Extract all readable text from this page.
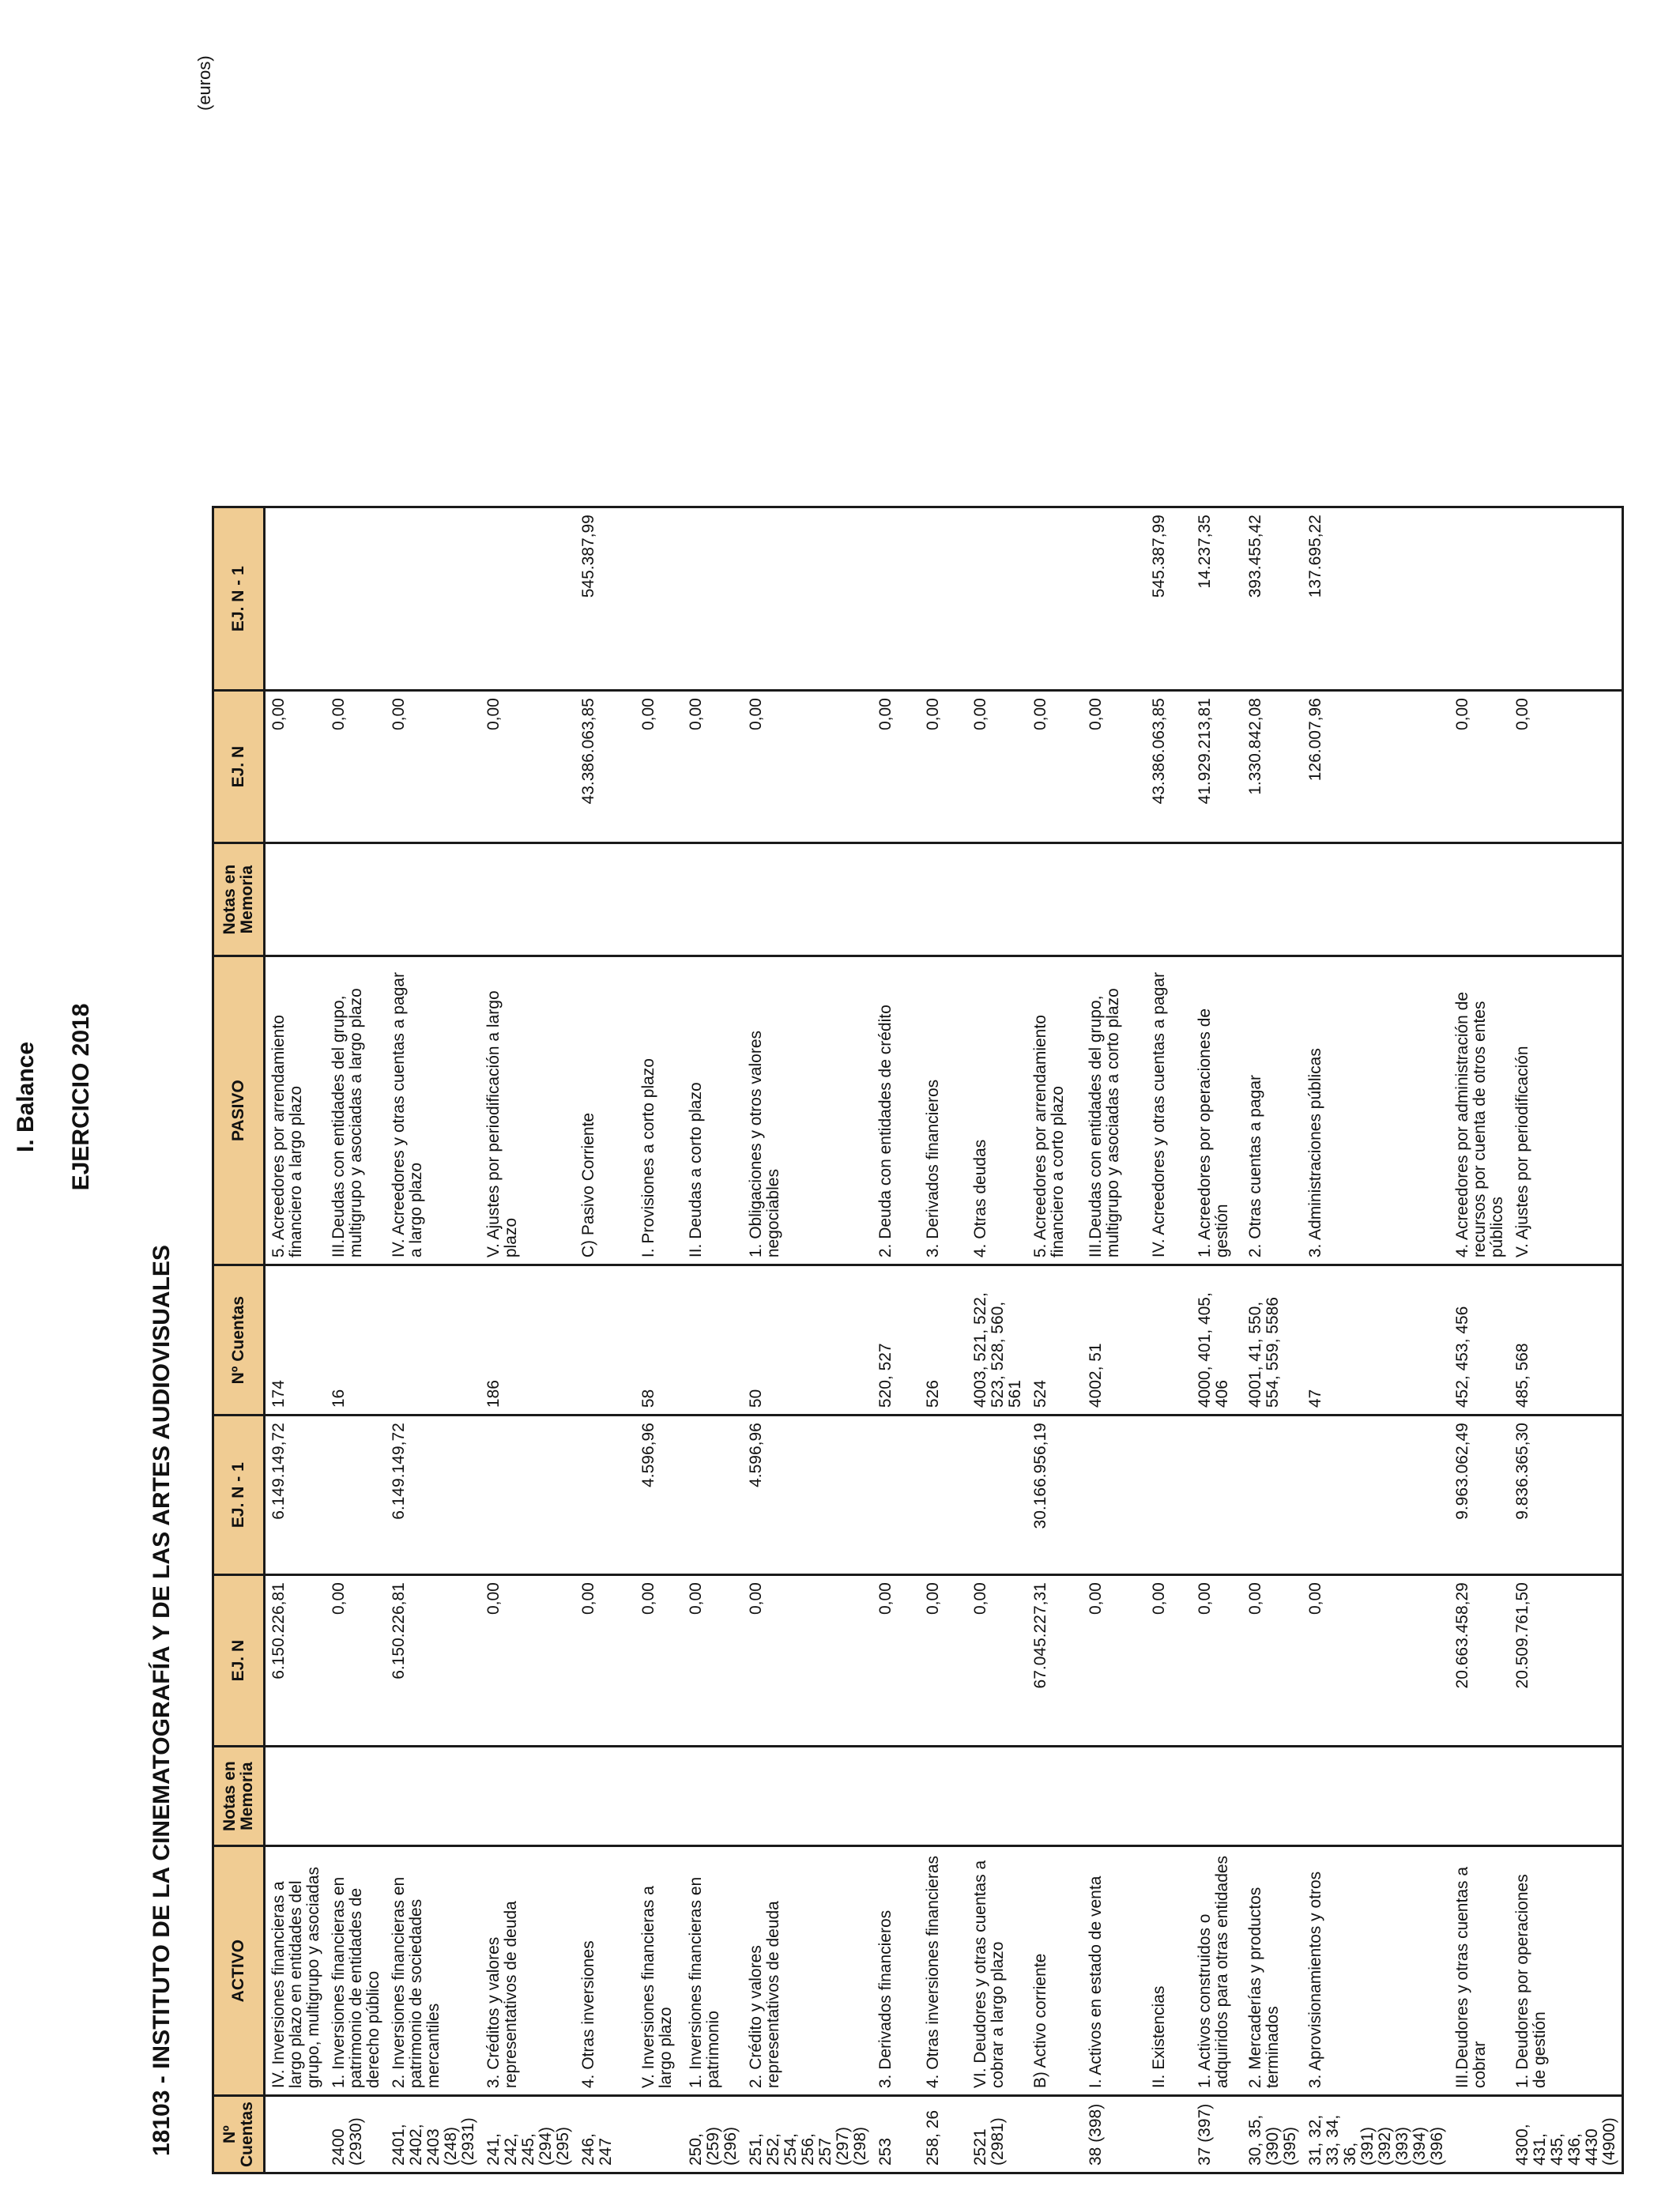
I. Balance EJERCICIO 2018
18103 - INSTITUTO DE LA CINEMATOGRAFÍA Y DE LAS ARTES AUDIOVISUALES
(euros)
Nº Cuentas	ACTIVO	Notas en Memoria	EJ. N	EJ. N - 1	Nº Cuentas	PASIVO	Notas en Memoria	EJ. N	EJ. N - 1
	IV. Inversiones financieras a largo plazo en entidades del grupo, multigrupo y asociadas		6.150.226,81	6.149.149,72	174	5. Acreedores por arrendamiento financiero a largo plazo		0,00	
2400 (2930)	1. Inversiones financieras en patrimonio de entidades de derecho público		0,00		16	III.Deudas con entidades del grupo, multigrupo y asociadas a largo plazo		0,00	
2401, 2402, 2403 (248) (2931)	2. Inversiones financieras en patrimonio de sociedades mercantiles		6.150.226,81	6.149.149,72		IV. Acreedores y otras cuentas a pagar a largo plazo		0,00	
241, 242, 245, (294) (295)	3. Créditos y valores representativos de deuda		0,00		186	V. Ajustes por periodificación a largo plazo		0,00	
246, 247	4. Otras inversiones		0,00			C) Pasivo Corriente		43.386.063,85	545.387,99
	V. Inversiones financieras a largo plazo		0,00	4.596,96	58	I. Provisiones a corto plazo		0,00	
250, (259) (296)	1. Inversiones financieras en patrimonio		0,00			II. Deudas a corto plazo		0,00	
251, 252, 254, 256, 257 (297) (298)	2. Crédito y valores representativos de deuda		0,00	4.596,96	50	1. Obligaciones y otros valores negociables		0,00	
253	3. Derivados financieros		0,00		520, 527	2. Deuda con entidades de crédito		0,00	
258, 26	4. Otras inversiones financieras		0,00		526	3. Derivados financieros		0,00	
2521 (2981)	VI. Deudores y otras cuentas a cobrar a largo plazo		0,00		4003, 521, 522, 523, 528, 560, 561	4. Otras deudas		0,00	
	B) Activo corriente		67.045.227,31	30.166.956,19	524	5. Acreedores por arrendamiento financiero a corto plazo		0,00	
38 (398)	I. Activos en estado de venta		0,00		4002, 51	III.Deudas con entidades del grupo, multigrupo y asociadas a corto plazo		0,00	
	II. Existencias		0,00			IV. Acreedores y otras cuentas a pagar		43.386.063,85	545.387,99
37 (397)	1. Activos construidos o adquiridos para otras entidades		0,00		4000, 401, 405, 406	1. Acreedores por operaciones de gestión		41.929.213,81	14.237,35
30, 35, (390) (395)	2. Mercaderías y productos terminados		0,00		4001, 41, 550, 554, 559, 5586	2. Otras cuentas a pagar		1.330.842,08	393.455,42
31, 32, 33, 34, 36, (391) (392) (393) (394) (396)	3. Aprovisionamientos y otros		0,00		47	3. Administraciones públicas		126.007,96	137.695,22
	III.Deudores y otras cuentas a cobrar		20.663.458,29	9.963.062,49	452, 453, 456	4. Acreedores por administración de recursos por cuenta de otros entes públicos		0,00	
4300, 431, 435, 436, 4430 (4900)	1. Deudores por operaciones de gestión		20.509.761,50	9.836.365,30	485, 568	V. Ajustes por periodificación		0,00	
